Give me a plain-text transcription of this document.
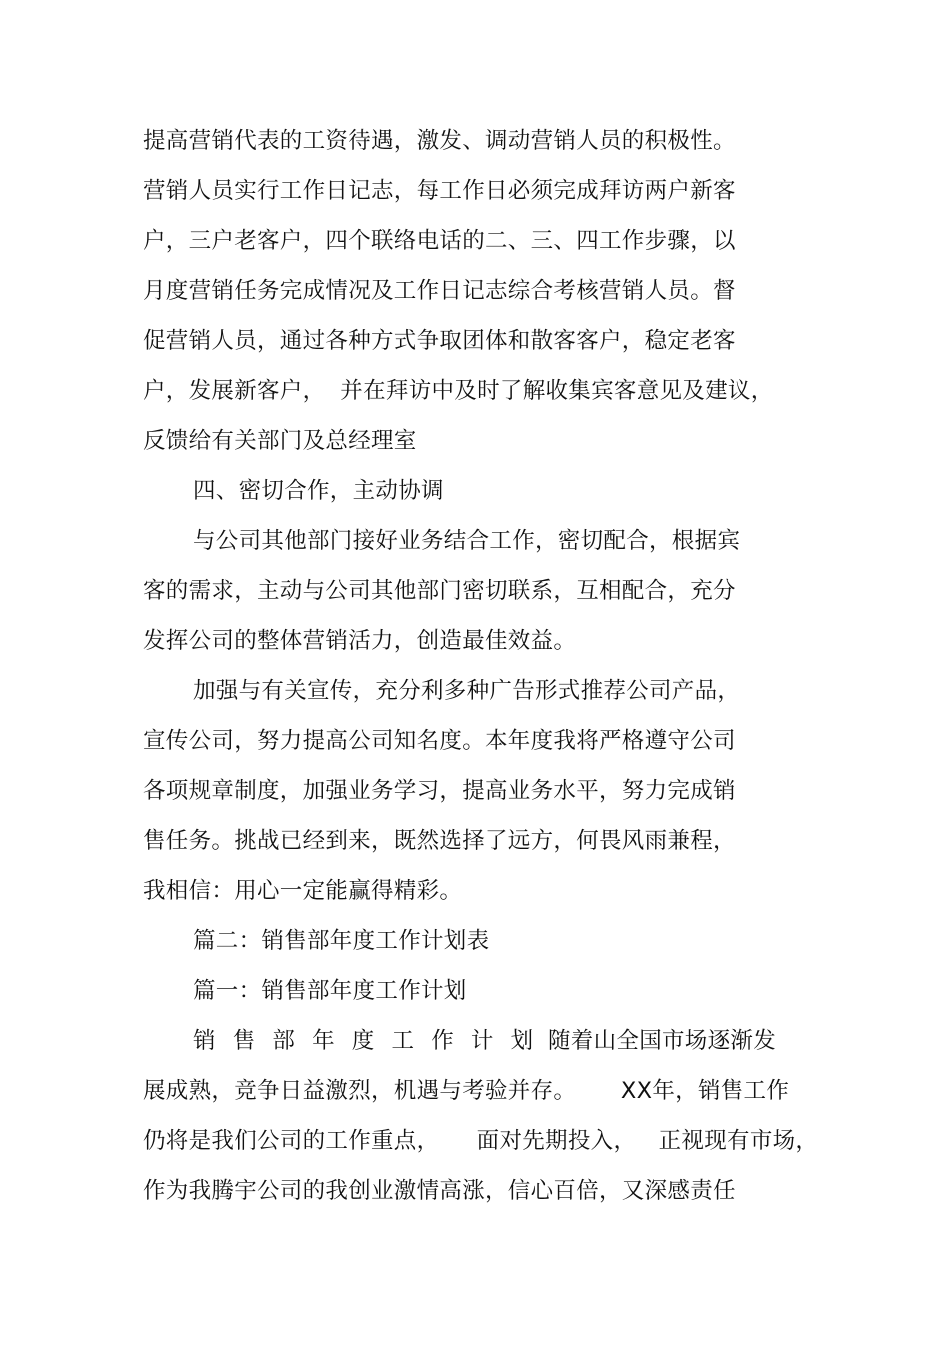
提高营销代表的工资待遇，激发、调动营销人员的积极性。
营销人员实行工作日记志，每工作日必须完成拜访两户新客
户，三户老客户，四个联络电话的二、三、四工作步骤，以
月度营销任务完成情况及工作日记志综合考核营销人员。督
促营销人员，通过各种方式争取团体和散客客户，稳定老客
户，发展新客户，  并在拜访中及时了解收集宾客意见及建议，
反馈给有关部门及总经理室
四、密切合作，主动协调
与公司其他部门接好业务结合工作，密切配合，根据宾
客的需求，主动与公司其他部门密切联系，互相配合，充分
发挥公司的整体营销活力，创造最佳效益。
加强与有关宣传，充分利多种广告形式推荐公司产品，
宣传公司，努力提高公司知名度。本年度我将严格遵守公司
各项规章制度，加强业务学习，提高业务水平，努力完成销
售任务。挑战已经到来，既然选择了远方，何畏风雨兼程，
我相信：用心一定能赢得精彩。
篇二：销售部年度工作计划表
篇一：销售部年度工作计划
销售部年度工作计划
随着山全国市场逐渐发
展成熟，竞争日益激烈，机遇与考验并存。      XX年，销售工作
仍将是我们公司的工作重点，     面对先期投入，   正视现有市场，
作为我腾宇公司的我创业激情高涨，信心百倍，又深感责任
